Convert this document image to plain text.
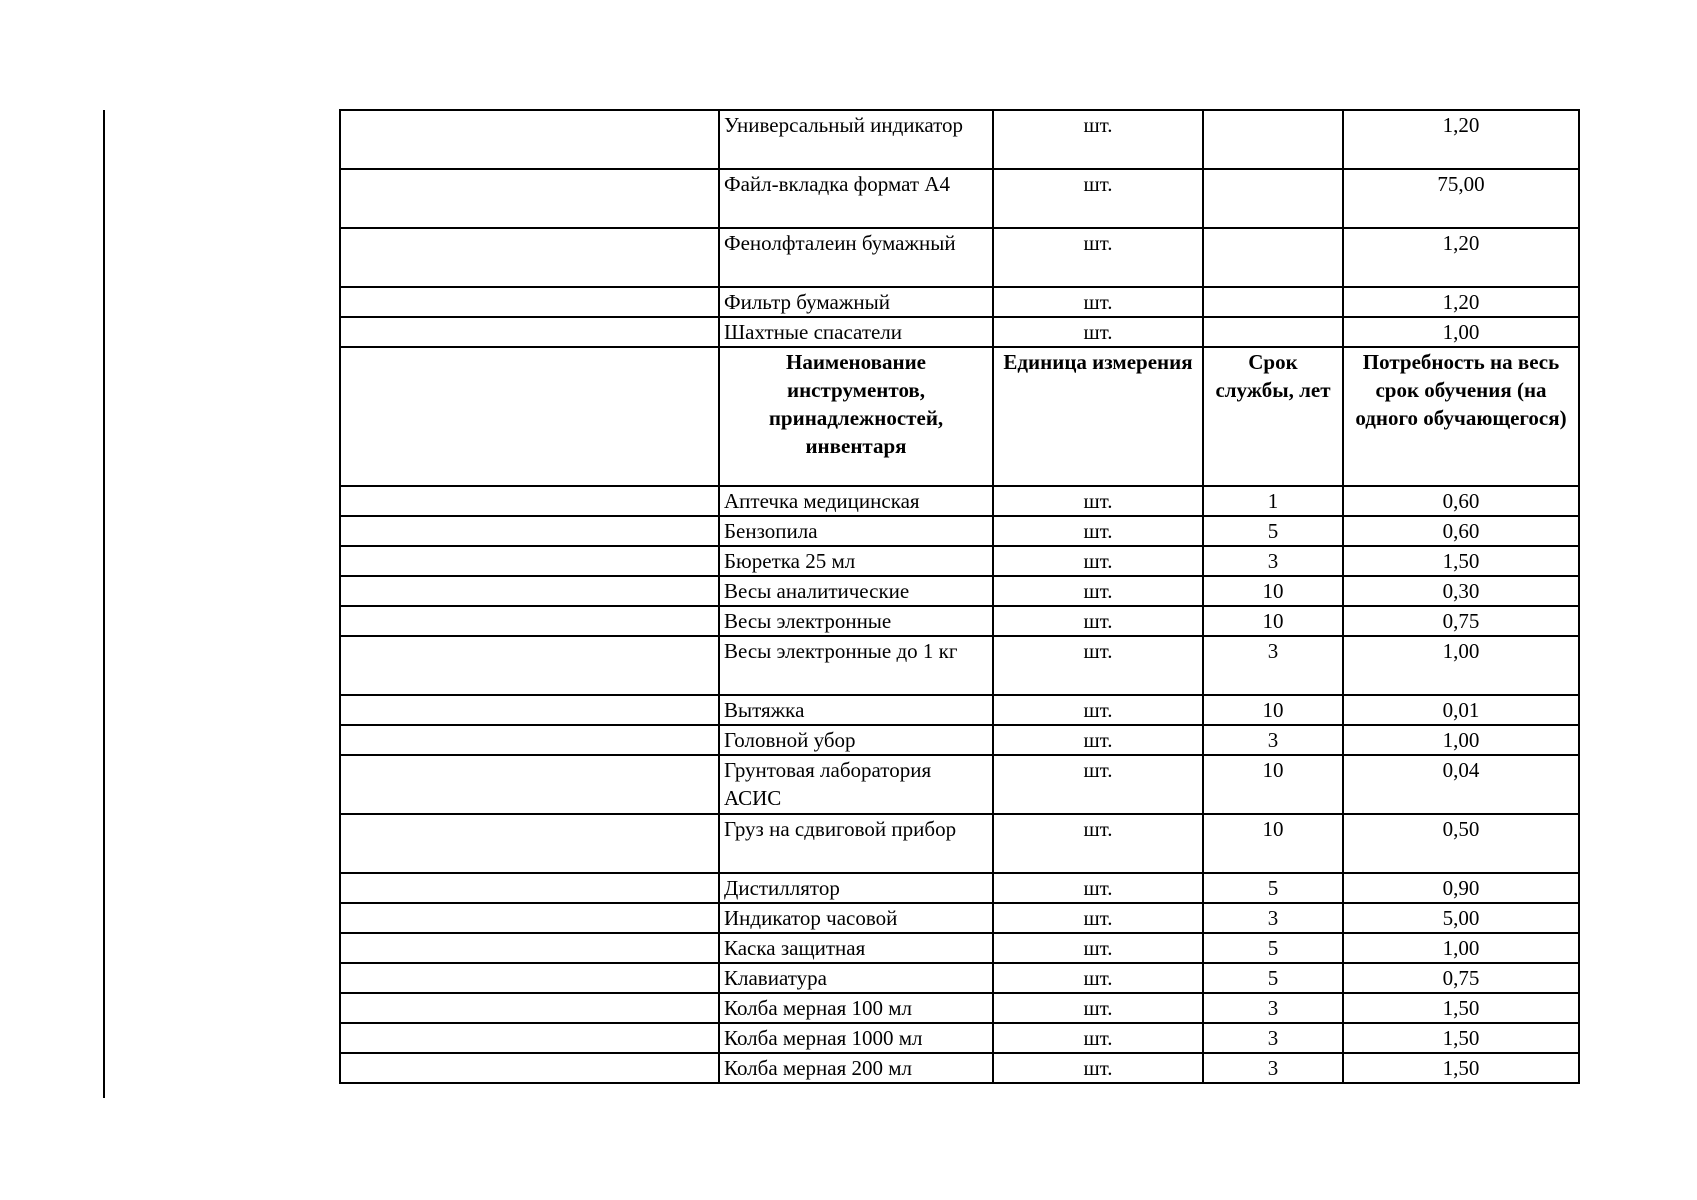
	Универсальный индикатор	шт.		1,20
	Файл-вкладка формат А4	шт.		75,00
	Фенолфталеин бумажный	шт.		1,20
	Фильтр бумажный	шт.		1,20
	Шахтные спасатели	шт.		1,00
	Наименование инструментов, принадлежностей, инвентаря	Единица измерения	Срок службы, лет	Потребность на весь срок обучения (на одного обучающегося)
	Аптечка медицинская	шт.	1	0,60
	Бензопила	шт.	5	0,60
	Бюретка 25 мл	шт.	3	1,50
	Весы аналитические	шт.	10	0,30
	Весы электронные	шт.	10	0,75
	Весы электронные до 1 кг	шт.	3	1,00
	Вытяжка	шт.	10	0,01
	Головной убор	шт.	3	1,00
	Грунтовая лаборатория АСИС	шт.	10	0,04
	Груз на сдвиговой прибор	шт.	10	0,50
	Дистиллятор	шт.	5	0,90
	Индикатор часовой	шт.	3	5,00
	Каска защитная	шт.	5	1,00
	Клавиатура	шт.	5	0,75
	Колба мерная 100 мл	шт.	3	1,50
	Колба мерная 1000 мл	шт.	3	1,50
	Колба мерная 200 мл	шт.	3	1,50
